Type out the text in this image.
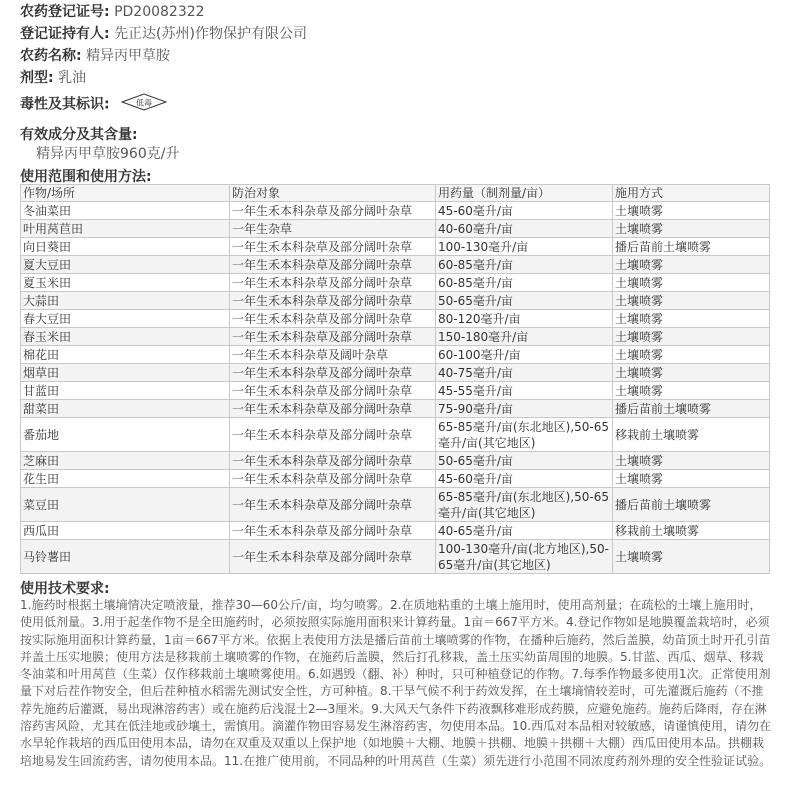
农药登记证号: PD20082322
登记证持有人: 先正达(苏州)作物保护有限公司
农药名称: 精异丙甲草胺
剂型: 乳油
毒性及其标识:	低毒
有效成分及其含量:
精异丙甲草胺960克/升
使用范围和使用方法:
作物/场所	防治对象	用药量（制剂量/亩）	施用方式
冬油菜田	一年生禾本科杂草及部分阔叶杂草	45-60毫升/亩	土壤喷雾
叶用莴苣田	一年生杂草	40-60毫升/亩	土壤喷雾
向日葵田	一年生禾本科杂草及部分阔叶杂草	100-130毫升/亩	播后苗前土壤喷雾
夏大豆田	一年生禾本科杂草及部分阔叶杂草	60-85毫升/亩	土壤喷雾
夏玉米田	一年生禾本科杂草及部分阔叶杂草	60-85毫升/亩	土壤喷雾
大蒜田	一年生禾本科杂草及部分阔叶杂草	50-65毫升/亩	土壤喷雾
春大豆田	一年生禾本科杂草及部分阔叶杂草	80-120毫升/亩	土壤喷雾
春玉米田	一年生禾本科杂草及部分阔叶杂草	150-180毫升/亩	土壤喷雾
棉花田	一年生禾本科杂草及阔叶杂草	60-100毫升/亩	土壤喷雾
烟草田	一年生禾本科杂草及部分阔叶杂草	40-75毫升/亩	土壤喷雾
甘蓝田	一年生禾本科杂草及部分阔叶杂草	45-55毫升/亩	土壤喷雾
甜菜田	一年生禾本科杂草及部分阔叶杂草	75-90毫升/亩	播后苗前土壤喷雾
番茄地	一年生禾本科杂草及部分阔叶杂草	65-85毫升/亩(东北地区),50-65毫升/亩(其它地区)	移栽前土壤喷雾
芝麻田	一年生禾本科杂草及部分阔叶杂草	50-65毫升/亩	土壤喷雾
花生田	一年生禾本科杂草及部分阔叶杂草	45-60毫升/亩	土壤喷雾
菜豆田	一年生禾本科杂草及部分阔叶杂草	65-85毫升/亩(东北地区),50-65毫升/亩(其它地区)	播后苗前土壤喷雾
西瓜田	一年生禾本科杂草及部分阔叶杂草	40-65毫升/亩	移栽前土壤喷雾
马铃薯田	一年生禾本科杂草及部分阔叶杂草	100-130毫升/亩(北方地区),50-65毫升/亩(其它地区)	土壤喷雾
使用技术要求:
1.施药时根据土壤墒情决定喷液量，推荐30—60公斤/亩，均匀喷雾。2.在质地粘重的土壤上施用时，使用高剂量；在疏松的土壤上施用时，使用低剂量。3.用于起垄作物不是全田施药时，必须按照实际施用面积来计算药量。1亩＝667平方米。4.登记作物如是地膜覆盖栽培时，必须按实际施用面积计算药量，1亩＝667平方米。依据上表使用方法是播后苗前土壤喷雾的作物，在播种后施药，然后盖膜，幼苗顶土时开孔引苗并盖土压实地膜；使用方法是移栽前土壤喷雾的作物，在施药后盖膜，然后打孔移栽，盖土压实幼苗周围的地膜。5.甘蓝、西瓜、烟草、移栽冬油菜和叶用莴苣（生菜）仅作移栽前土壤喷雾使用。6.如遇毁（翻、补）种时，只可种植登记的作物。7.每季作物最多使用1次。正常使用剂量下对后茬作物安全，但后茬种植水稻需先测试安全性，方可种植。8.干旱气候不利于药效发挥，在土壤墒情较差时，可先灌溉后施药（不推荐先施药后灌溉，易出现淋溶药害）或在施药后浅混土2—3厘米。9.大风天气条件下药液飘移难形成药膜，应避免施药。施药后降雨，存在淋溶药害风险，尤其在低洼地或砂壤土，需慎用。滴灌作物田容易发生淋溶药害，勿使用本品。10.西瓜对本品相对较敏感，请谨慎使用，请勿在水旱轮作栽培的西瓜田使用本品，请勿在双重及双重以上保护地（如地膜＋大棚、地膜＋拱棚、地膜＋拱棚＋大棚）西瓜田使用本品。拱棚栽培地易发生回流药害，请勿使用本品。11.在推广使用前，不同品种的叶用莴苣（生菜）须先进行小范围不同浓度药剂外理的安全性验证试验。
